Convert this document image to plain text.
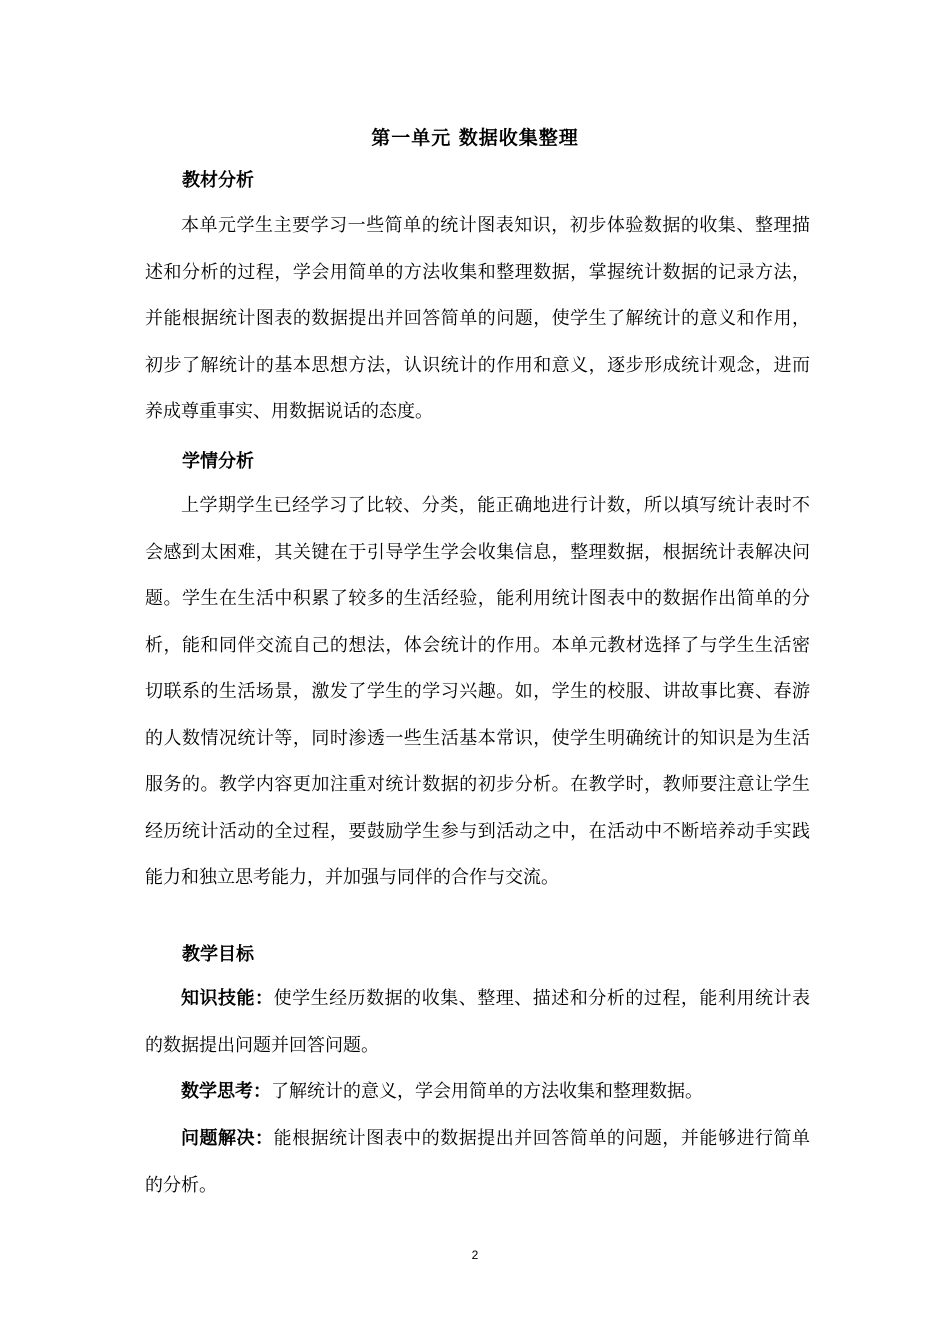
第一单元 数据收集整理
教材分析

本单元学生主要学习一些简单的统计图表知识，初步体验数据的收集、整理描述和分析的过程，学会用简单的方法收集和整理数据，掌握统计数据的记录方法，并能根据统计图表的数据提出并回答简单的问题，使学生了解统计的意义和作用，初步了解统计的基本思想方法，认识统计的作用和意义，逐步形成统计观念，进而养成尊重事实、用数据说话的态度。

学情分析

上学期学生已经学习了比较、分类，能正确地进行计数，所以填写统计表时不会感到太困难，其关键在于引导学生学会收集信息，整理数据，根据统计表解决问题。学生在生活中积累了较多的生活经验，能利用统计图表中的数据作出简单的分析，能和同伴交流自己的想法，体会统计的作用。本单元教材选择了与学生生活密切联系的生活场景，激发了学生的学习兴趣。如，学生的校服、讲故事比赛、春游的人数情况统计等，同时渗透一些生活基本常识，使学生明确统计的知识是为生活服务的。教学内容更加注重对统计数据的初步分析。在教学时，教师要注意让学生经历统计活动的全过程，要鼓励学生参与到活动之中，在活动中不断培养动手实践能力和独立思考能力，并加强与同伴的合作与交流。

教学目标

知识技能：使学生经历数据的收集、整理、描述和分析的过程，能利用统计表的数据提出问题并回答问题。

数学思考：了解统计的意义，学会用简单的方法收集和整理数据。

问题解决：能根据统计图表中的数据提出并回答简单的问题，并能够进行简单的分析。

2
